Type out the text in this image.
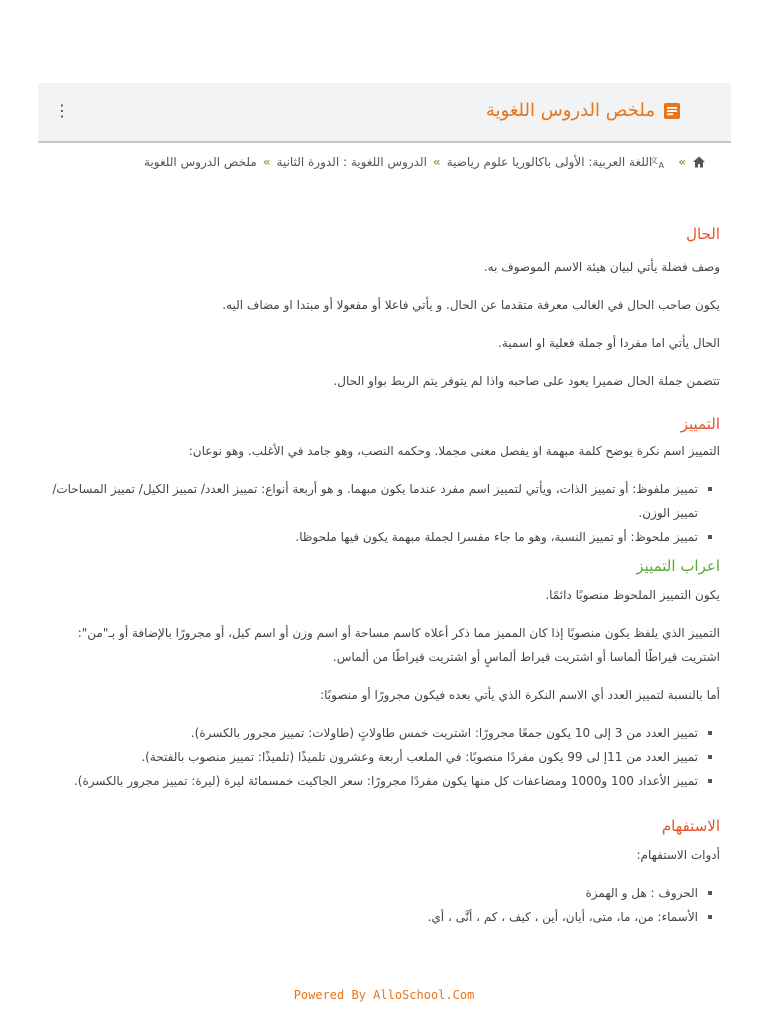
⋮	ملخص الدروس اللغوية
»
文
A
اللغة العربية: الأولى باكالوريا علوم رياضية
»
الدروس اللغوية : الدورة الثانية
»
ملخص الدروس اللغوية
الحال

وصف فضلة يأتي لبيان هيئة الاسم الموصوف به.

يكون صاحب الحال في الغالب معرفة متقدما عن الحال. و يأتي فاعلا أو مفعولا أو مبتدا او مضاف اليه.

الحال يأتي اما مفردا أو جملة فعلية او اسمية.

تتضمن جملة الحال ضميرا يعود على صاحبه واذا لم يتوفر يتم الربط بواو الحال.

التمييز

التمييز اسم نكرة يوضح كلمة مبهمة او يفصل معنى مجملا. وحكمه النصب، وهو جامد في الأغلب. وهو نوعان:

تمييز ملفوظ: أو تمييز الذات، ويأتي لتمييز اسم مفرد عندما يكون مبهما. و هو أربعة أنواع: تمييز العدد/ تمييز الكيل/ تمييز المساحات/ تمييز الوزن.
تمييز ملحوظ: أو تمييز النسبة، وهو ما جاء مفسرا لجملة مبهمة يكون فيها ملحوظا.
اعراب التمييز

يكون التمييز الملحوظ منصوبًا دائمًا.

التمييز الذي يلفظ يكون منصوبًا إذا كان المميز مما ذكر أعلاه كاسم مساحة أو اسم وزن أو اسم كيل، أو مجرورًا بالإضافة أو بـ"من": اشتريت قيراطًا ألماسا أو اشتريت قيراط ألماسٍ أو اشتريت قيراطًا من ألماس.

أما بالنسبة لتمييز العدد أي الاسم النكرة الذي يأتي بعده فيكون مجرورًا أو منصوبًا:

تمييز العدد من 3 إلى 10 يكون جمعًا مجرورًا: اشتريت خمس طاولاتٍ (طاولات: تمييز مجرور بالكسرة).
تمييز العدد من 11إ لى 99 يكون مفردًا منصوبًا: في الملعب أربعة وعشرون تلميذًا (تلميذًا: تمييز منصوب بالفتحة).
تمييز الأعداد 100 و1000 ومضاعفات كل منها يكون مفردًا مجرورًا: سعر الجاكيت خمسمائة ليرة (ليرة: تمييز مجرور بالكسرة).
الاستفهام

أدوات الاستفهام:

الحروف : هل و الهمزة
الأسماء: من، ما، متى، أيان، أين ، كيف ، كم ، أنَّى ، أي.
Powered By AlloSchool.Com
